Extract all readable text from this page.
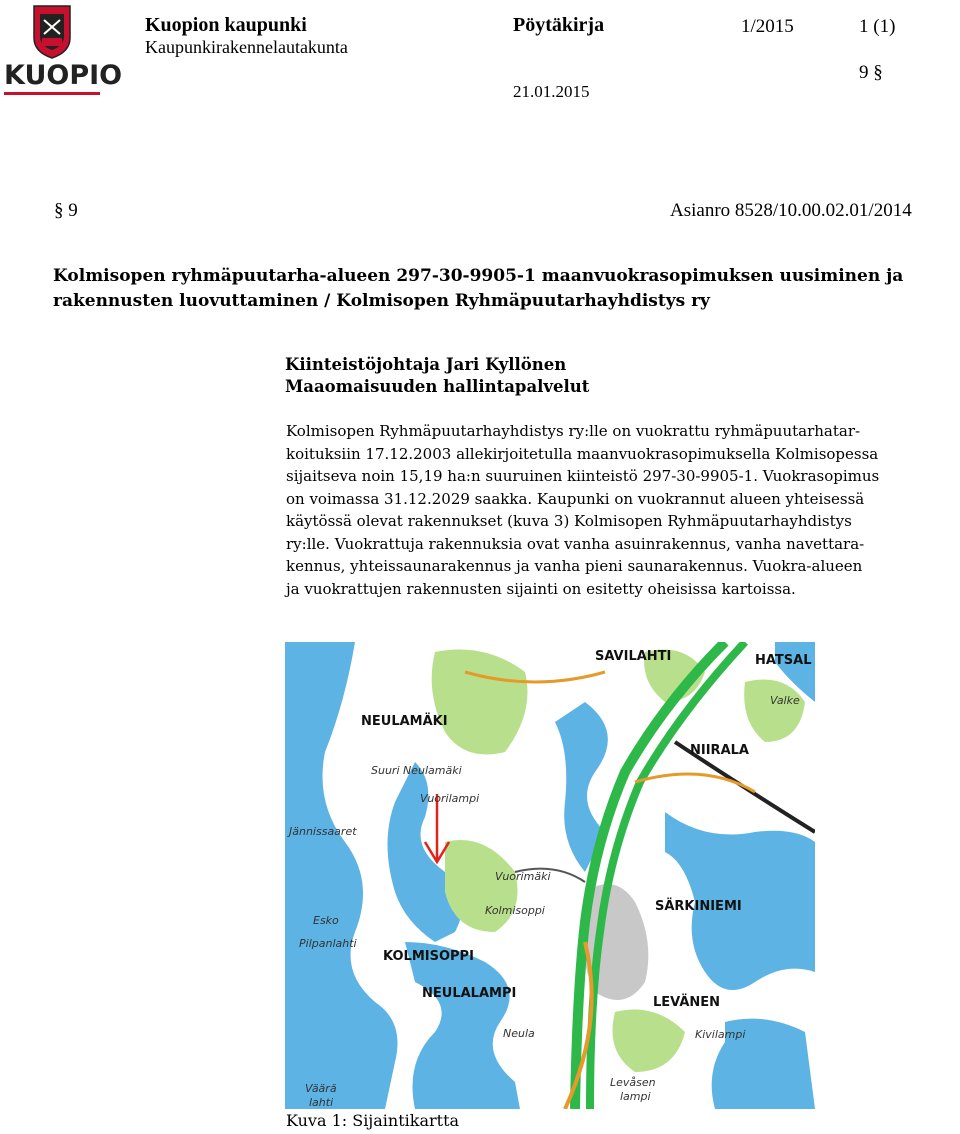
KUOPIO
Kuopion kaupunki
Kaupunkirakennelautakunta
Pöytäkirja	1/2015	1 (1)
9 §
21.01.2015
§ 9	Asianro 8528/10.00.02.01/2014
Kolmisopen ryhmäpuutarha-alueen 297-30-9905-1 maanvuokrasopimuksen uusiminen ja
rakennusten luovuttaminen / Kolmisopen Ryhmäpuutarhayhdistys ry
Kiinteistöjohtaja Jari Kyllönen
Maaomaisuuden hallintapalvelut

Kolmisopen Ryhmäpuutarhayhdistys ry:lle on vuokrattu ryhmäpuutarhatar-

koituksiin 17.12.2003 allekirjoitetulla maanvuokrasopimuksella Kolmisopessa

sijaitseva noin 15,19 ha:n suuruinen kiinteistö 297-30-9905-1. Vuokrasopimus

on voimassa 31.12.2029 saakka. Kaupunki on vuokrannut alueen yhteisessä

käytössä olevat rakennukset (kuva 3) Kolmisopen Ryhmäpuutarhayhdistys

ry:lle. Vuokrattuja rakennuksia ovat vanha asuinrakennus, vanha navettara-

kennus, yhteissaunarakennus ja vanha pieni saunarakennus. Vuokra-alueen

ja vuokrattujen rakennusten sijainti on esitetty oheisissa kartoissa.

SAVILAHTI	HATSAL
Valke
NEULAMÄKI
Suuri Neulamäki
NIIRALA
Vuorilampi
Jännissaaret
Vuorimäki
Kolmisoppi	SÄRKINIEMI
Esko
Pilpanlahti
KOLMISOPPI
NEULALAMPI
LEVÄNEN
Neula	Kivilampi
Levåsen
lampi
Vääră
lahti
Kuva 1: Sijaintikartta
